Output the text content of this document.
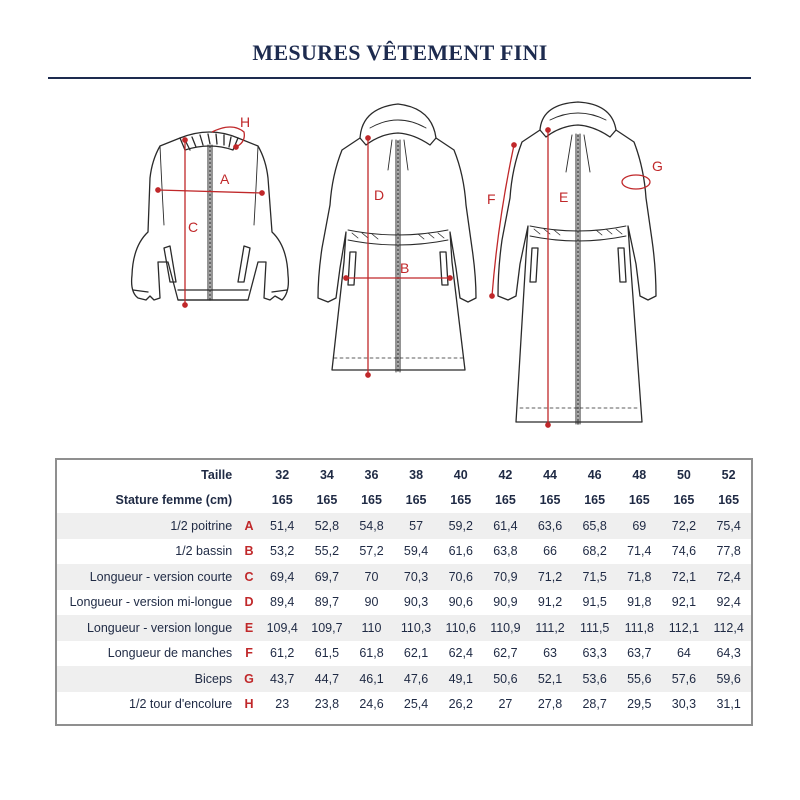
MESURES VÊTEMENT FINI
A
C
H
D
B
E
F
G
Taille		32	34	36	38	40	42	44	46	48	50	52
Stature femme (cm)		165	165	165	165	165	165	165	165	165	165	165
1/2 poitrine	A	51,4	52,8	54,8	57	59,2	61,4	63,6	65,8	69	72,2	75,4
1/2 bassin	B	53,2	55,2	57,2	59,4	61,6	63,8	66	68,2	71,4	74,6	77,8
Longueur - version courte	C	69,4	69,7	70	70,3	70,6	70,9	71,2	71,5	71,8	72,1	72,4
Longueur - version mi-longue	D	89,4	89,7	90	90,3	90,6	90,9	91,2	91,5	91,8	92,1	92,4
Longueur - version longue	E	109,4	109,7	110	110,3	110,6	110,9	111,2	111,5	111,8	112,1	112,4
Longueur de manches	F	61,2	61,5	61,8	62,1	62,4	62,7	63	63,3	63,7	64	64,3
Biceps	G	43,7	44,7	46,1	47,6	49,1	50,6	52,1	53,6	55,6	57,6	59,6
1/2 tour d'encolure	H	23	23,8	24,6	25,4	26,2	27	27,8	28,7	29,5	30,3	31,1
